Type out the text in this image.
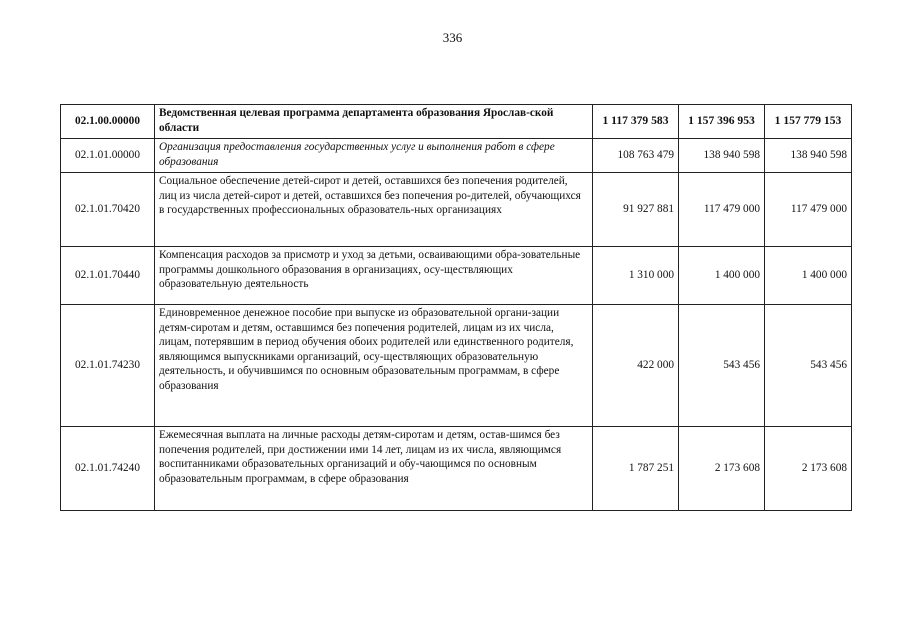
336
02.1.00.00000	Ведомственная целевая программа департамента образования Ярослав-ской области	1 117 379 583	1 157 396 953	1 157 779 153
02.1.01.00000	Организация предоставления государственных услуг и выполнения работ в сфере образования	108 763 479	138 940 598	138 940 598
02.1.01.70420	Социальное обеспечение детей-сирот и детей, оставшихся без попечения родителей, лиц из числа детей-сирот и детей, оставшихся без попечения ро-дителей, обучающихся в государственных профессиональных образователь-ных организациях	91 927 881	117 479 000	117 479 000
02.1.01.70440	Компенсация расходов за присмотр и уход за детьми, осваивающими обра-зовательные программы дошкольного образования в организациях, осу-ществляющих образовательную деятельность	1 310 000	1 400 000	1 400 000
02.1.01.74230	Единовременное денежное пособие при выпуске из образовательной органи-зации детям-сиротам и детям, оставшимся без попечения родителей, лицам из их числа, лицам, потерявшим в период обучения обоих родителей или единственного родителя, являющимся выпускниками организаций, осу-ществляющих образовательную деятельность, и обучившимся по основным образовательным программам, в сфере образования	422 000	543 456	543 456
02.1.01.74240	Ежемесячная выплата на личные расходы детям-сиротам и детям, остав-шимся без попечения родителей, при достижении ими 14 лет, лицам из их числа, являющимся воспитанниками образовательных организаций и обу-чающимся по основным образовательным программам, в сфере образования	1 787 251	2 173 608	2 173 608
